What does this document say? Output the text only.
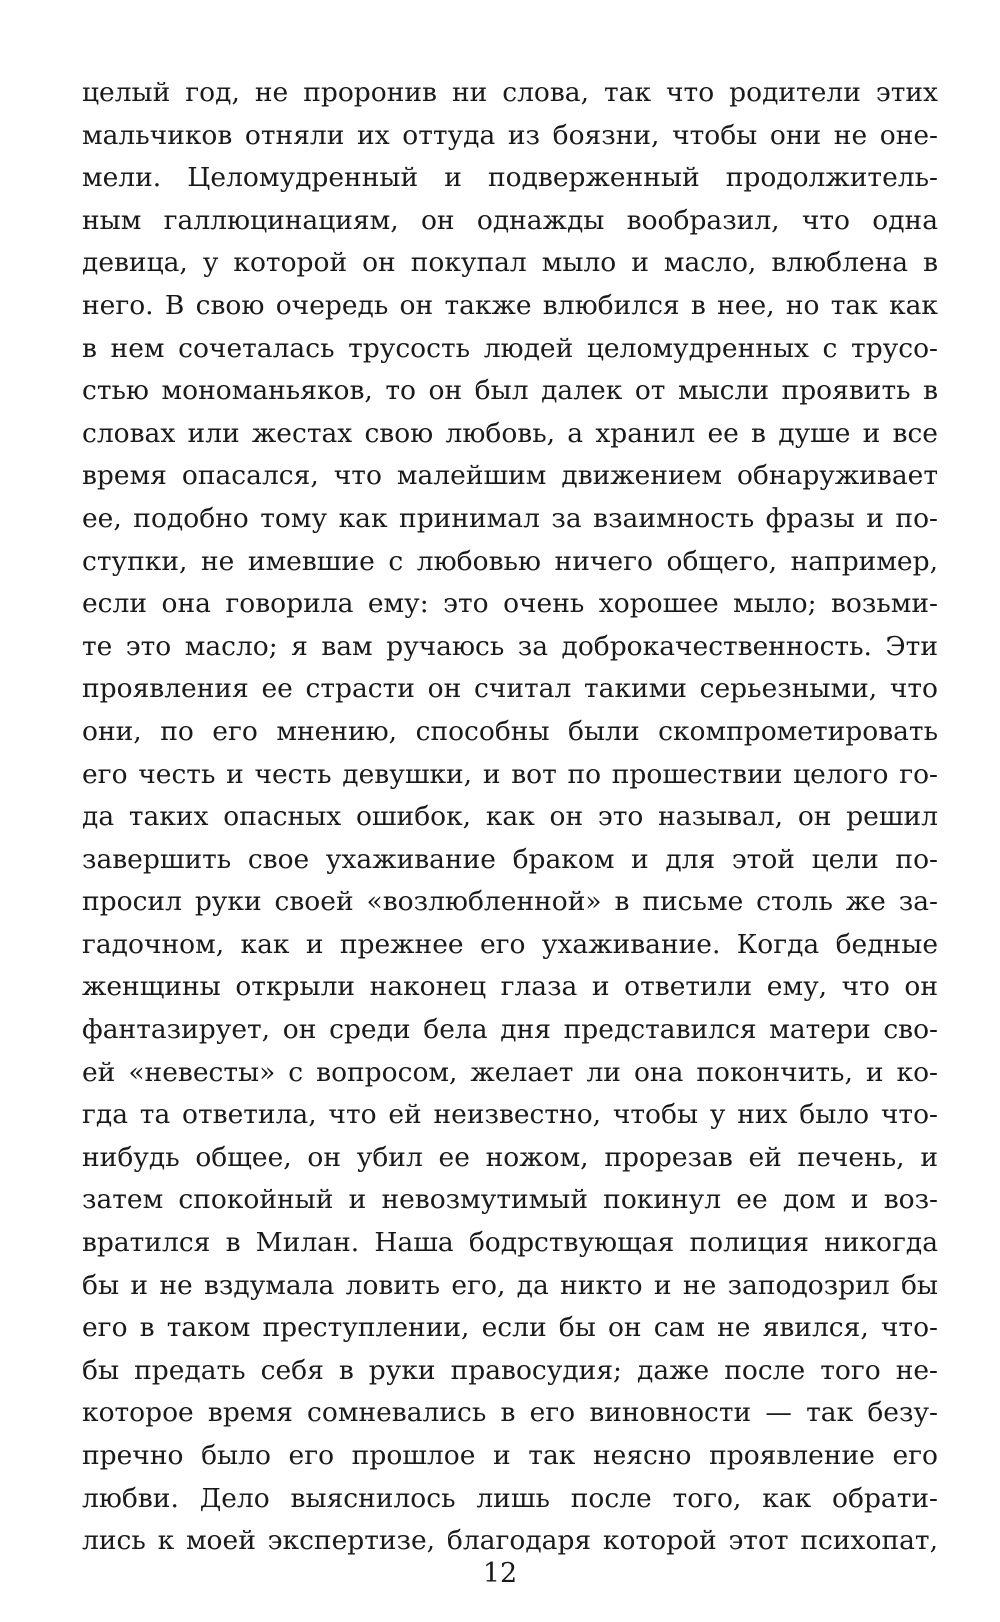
целый год, не проронив ни слова, так что родители этих
мальчиков отняли их оттуда из боязни, чтобы они не оне-
мели. Целомудренный и подверженный продолжитель-
ным галлюцинациям, он однажды вообразил, что одна
девица, у которой он покупал мыло и масло, влюблена в
него. В свою очередь он также влюбился в нее, но так как
в нем сочеталась трусость людей целомудренных с трусо-
стью мономаньяков, то он был далек от мысли проявить в
словах или жестах свою любовь, а хранил ее в душе и все
время опасался, что малейшим движением обнаруживает
ее, подобно тому как принимал за взаимность фразы и по-
ступки, не имевшие с любовью ничего общего, например,
если она говорила ему: это очень хорошее мыло; возьми-
те это масло; я вам ручаюсь за доброкачественность. Эти
проявления ее страсти он считал такими серьезными, что
они, по его мнению, способны были скомпрометировать
его честь и честь девушки, и вот по прошествии целого го-
да таких опасных ошибок, как он это называл, он решил
завершить свое ухаживание браком и для этой цели по-
просил руки своей «возлюбленной» в письме столь же за-
гадочном, как и прежнее его ухаживание. Когда бедные
женщины открыли наконец глаза и ответили ему, что он
фантазирует, он среди бела дня представился матери сво-
ей «невесты» с вопросом, желает ли она покончить, и ко-
гда та ответила, что ей неизвестно, чтобы у них было что-
нибудь общее, он убил ее ножом, прорезав ей печень, и
затем спокойный и невозмутимый покинул ее дом и воз-
вратился в Милан. Наша бодрствующая полиция никогда
бы и не вздумала ловить его, да никто и не заподозрил бы
его в таком преступлении, если бы он сам не явился, что-
бы предать себя в руки правосудия; даже после того не-
которое время сомневались в его виновности — так безу-
пречно было его прошлое и так неясно проявление его
любви. Дело выяснилось лишь после того, как обрати-
лись к моей экспертизе, благодаря которой этот психопат,
12
